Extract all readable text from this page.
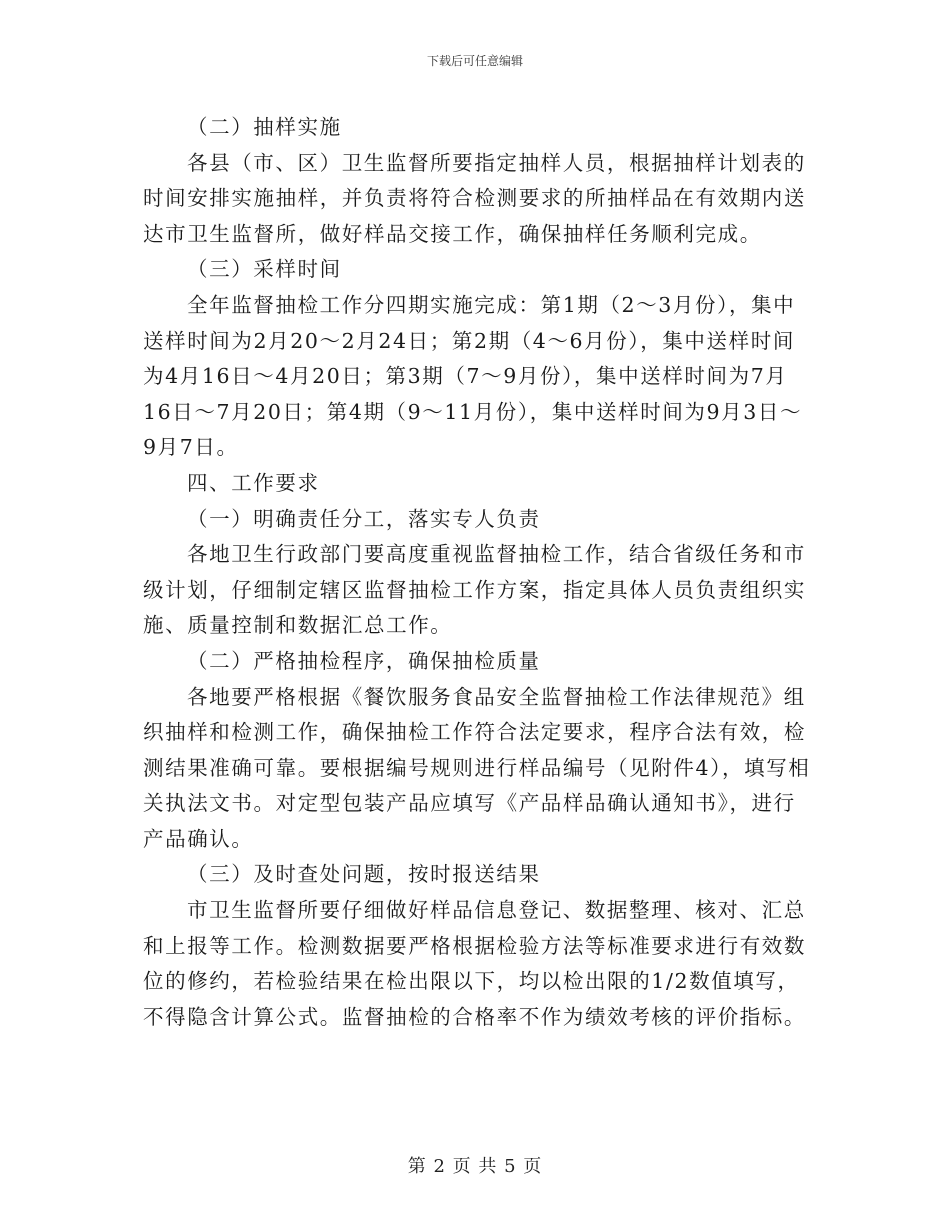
下载后可任意编辑
（二）抽样实施
各县（市、区）卫生监督所要指定抽样人员，根据抽样计划表的
时间安排实施抽样，并负责将符合检测要求的所抽样品在有效期内送
达市卫生监督所，做好样品交接工作，确保抽样任务顺利完成。
（三）采样时间
全年监督抽检工作分四期实施完成：第1期（2～3月份），集中
送样时间为2月20～2月24日；第2期（4～6月份），集中送样时间
为4月16日～4月20日；第3期（7～9月份），集中送样时间为7月
16日～7月20日；第4期（9～11月份），集中送样时间为9月3日～
9月7日。
四、工作要求
（一）明确责任分工，落实专人负责
各地卫生行政部门要高度重视监督抽检工作，结合省级任务和市
级计划，仔细制定辖区监督抽检工作方案，指定具体人员负责组织实
施、质量控制和数据汇总工作。
（二）严格抽检程序，确保抽检质量
各地要严格根据《餐饮服务食品安全监督抽检工作法律规范》组
织抽样和检测工作，确保抽检工作符合法定要求，程序合法有效，检
测结果准确可靠。要根据编号规则进行样品编号（见附件4），填写相
关执法文书。对定型包装产品应填写《产品样品确认通知书》，进行
产品确认。
（三）及时查处问题，按时报送结果
市卫生监督所要仔细做好样品信息登记、数据整理、核对、汇总
和上报等工作。检测数据要严格根据检验方法等标准要求进行有效数
位的修约，若检验结果在检出限以下，均以检出限的1/2数值填写，
不得隐含计算公式。监督抽检的合格率不作为绩效考核的评价指标。
第 2 页 共 5 页
